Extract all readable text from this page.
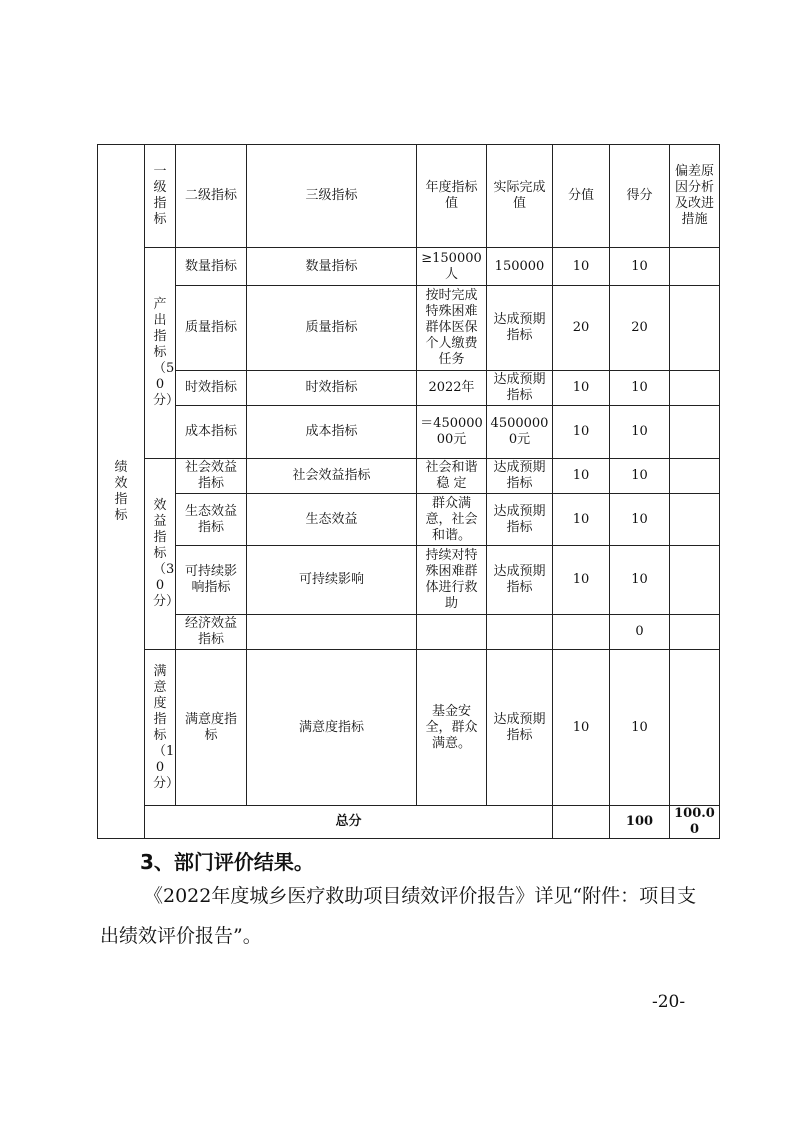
绩效指标	一级指标	二级指标	三级指标	年度指标值	实际完成值	分值	得分	偏差原因分析及改进措施	

	产出指标（50分）	数量指标	数量指标	≥150000人	150000	10	10		
		质量指标	质量指标	按时完成特殊困难群体医保个人缴费任务	达成预期指标	20	20		
		时效指标	时效指标	2022年	达成预期指标	10	10		
		成本指标	成本指标	＝45000000元	45000000元	10	10		

	效益指标（30分）	社会效益指标	社会效益指标	社会和谐稳 定	达成预期指标	10	10		
		生态效益指标	生态效益	群众满意，社会和谐。	达成预期指标	10	10		
		可持续影响指标	可持续影响	持续对特殊困难群体进行救助	达成预期指标	10	10		
		经济效益指标					0		

	满意度指标（10分）	满意度指标	满意度指标	基金安全，群众满意。	达成预期指标	10	10		
	总分						100	100.00	
3、部门评价结果。
《2022年度城乡医疗救助项目绩效评价报告》详见“附件：项目支出绩效评价报告”。
-20-
